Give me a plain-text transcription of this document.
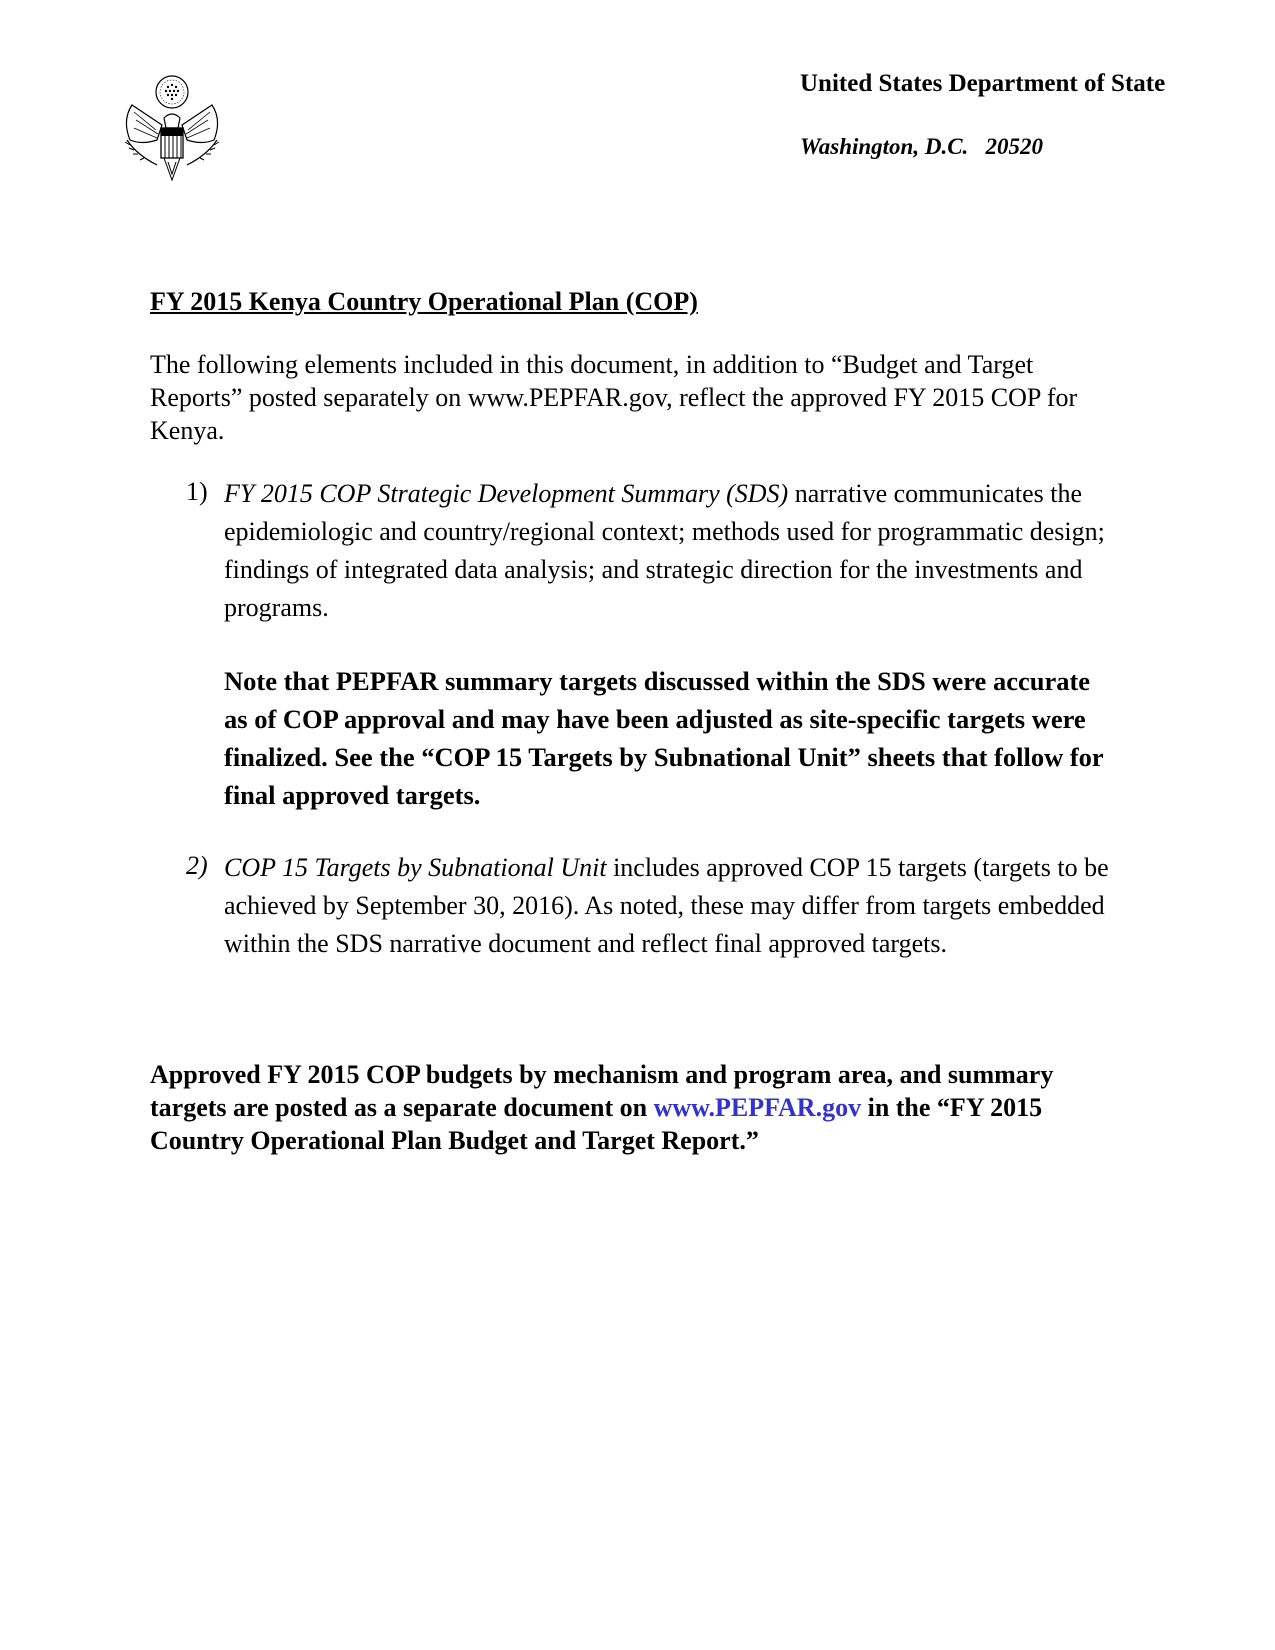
United States Department of State
Washington, D.C.   20520
FY 2015 Kenya Country Operational Plan (COP)

The following elements included in this document, in addition to “Budget and Target Reports” posted separately on www.PEPFAR.gov, reflect the approved FY 2015 COP for Kenya.

1) FY 2015 COP Strategic Development Summary (SDS) narrative communicates the epidemiologic and country/regional context; methods used for programmatic design; findings of integrated data analysis; and strategic direction for the investments and programs.

Note that PEPFAR summary targets discussed within the SDS were accurate as of COP approval and may have been adjusted as site-specific targets were finalized. See the “COP 15 Targets by Subnational Unit” sheets that follow for final approved targets.

2) COP 15 Targets by Subnational Unit includes approved COP 15 targets (targets to be achieved by September 30, 2016). As noted, these may differ from targets embedded within the SDS narrative document and reflect final approved targets.

Approved FY 2015 COP budgets by mechanism and program area, and summary targets are posted as a separate document on www.PEPFAR.gov in the “FY 2015 Country Operational Plan Budget and Target Report.”
